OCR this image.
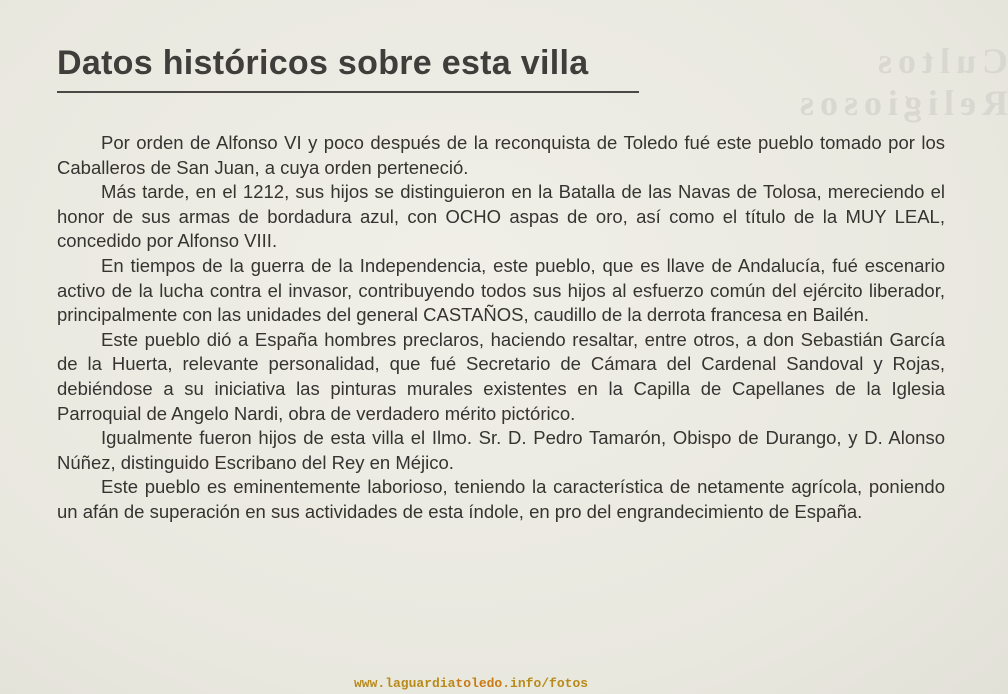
Cultos Religiosos
Datos históricos sobre esta villa

Por orden de Alfonso VI y poco después de la reconquista de Toledo fué este pueblo tomado por los Caballeros de San Juan, a cuya orden perteneció.

Más tarde, en el 1212, sus hijos se distinguieron en la Batalla de las Navas de Tolosa, mereciendo el honor de sus armas de bordadura azul, con OCHO aspas de oro, así como el título de la MUY LEAL, concedido por Alfonso VIII.

En tiempos de la guerra de la Independencia, este pueblo, que es llave de Andalucía, fué escenario activo de la lucha contra el invasor, contribuyendo todos sus hijos al esfuerzo común del ejército liberador, principalmente con las unidades del general CASTAÑOS, caudillo de la derrota francesa en Bailén.

Este pueblo dió a España hombres preclaros, haciendo resaltar, entre otros, a don Sebastián García de la Huerta, relevante personalidad, que fué Secretario de Cámara del Cardenal Sandoval y Rojas, debiéndose a su iniciativa las pinturas murales existentes en la Capilla de Capellanes de la Iglesia Parroquial de Angelo Nardi, obra de verdadero mérito pictórico.

Igualmente fueron hijos de esta villa el Ilmo. Sr. D. Pedro Tamarón, Obispo de Durango, y D. Alonso Núñez, distinguido Escribano del Rey en Méjico.

Este pueblo es eminentemente laborioso, teniendo la característica de netamente agrícola, poniendo un afán de superación en sus actividades de esta índole, en pro del engrandecimiento de España.

www.laguardiatoledo.info/fotos
